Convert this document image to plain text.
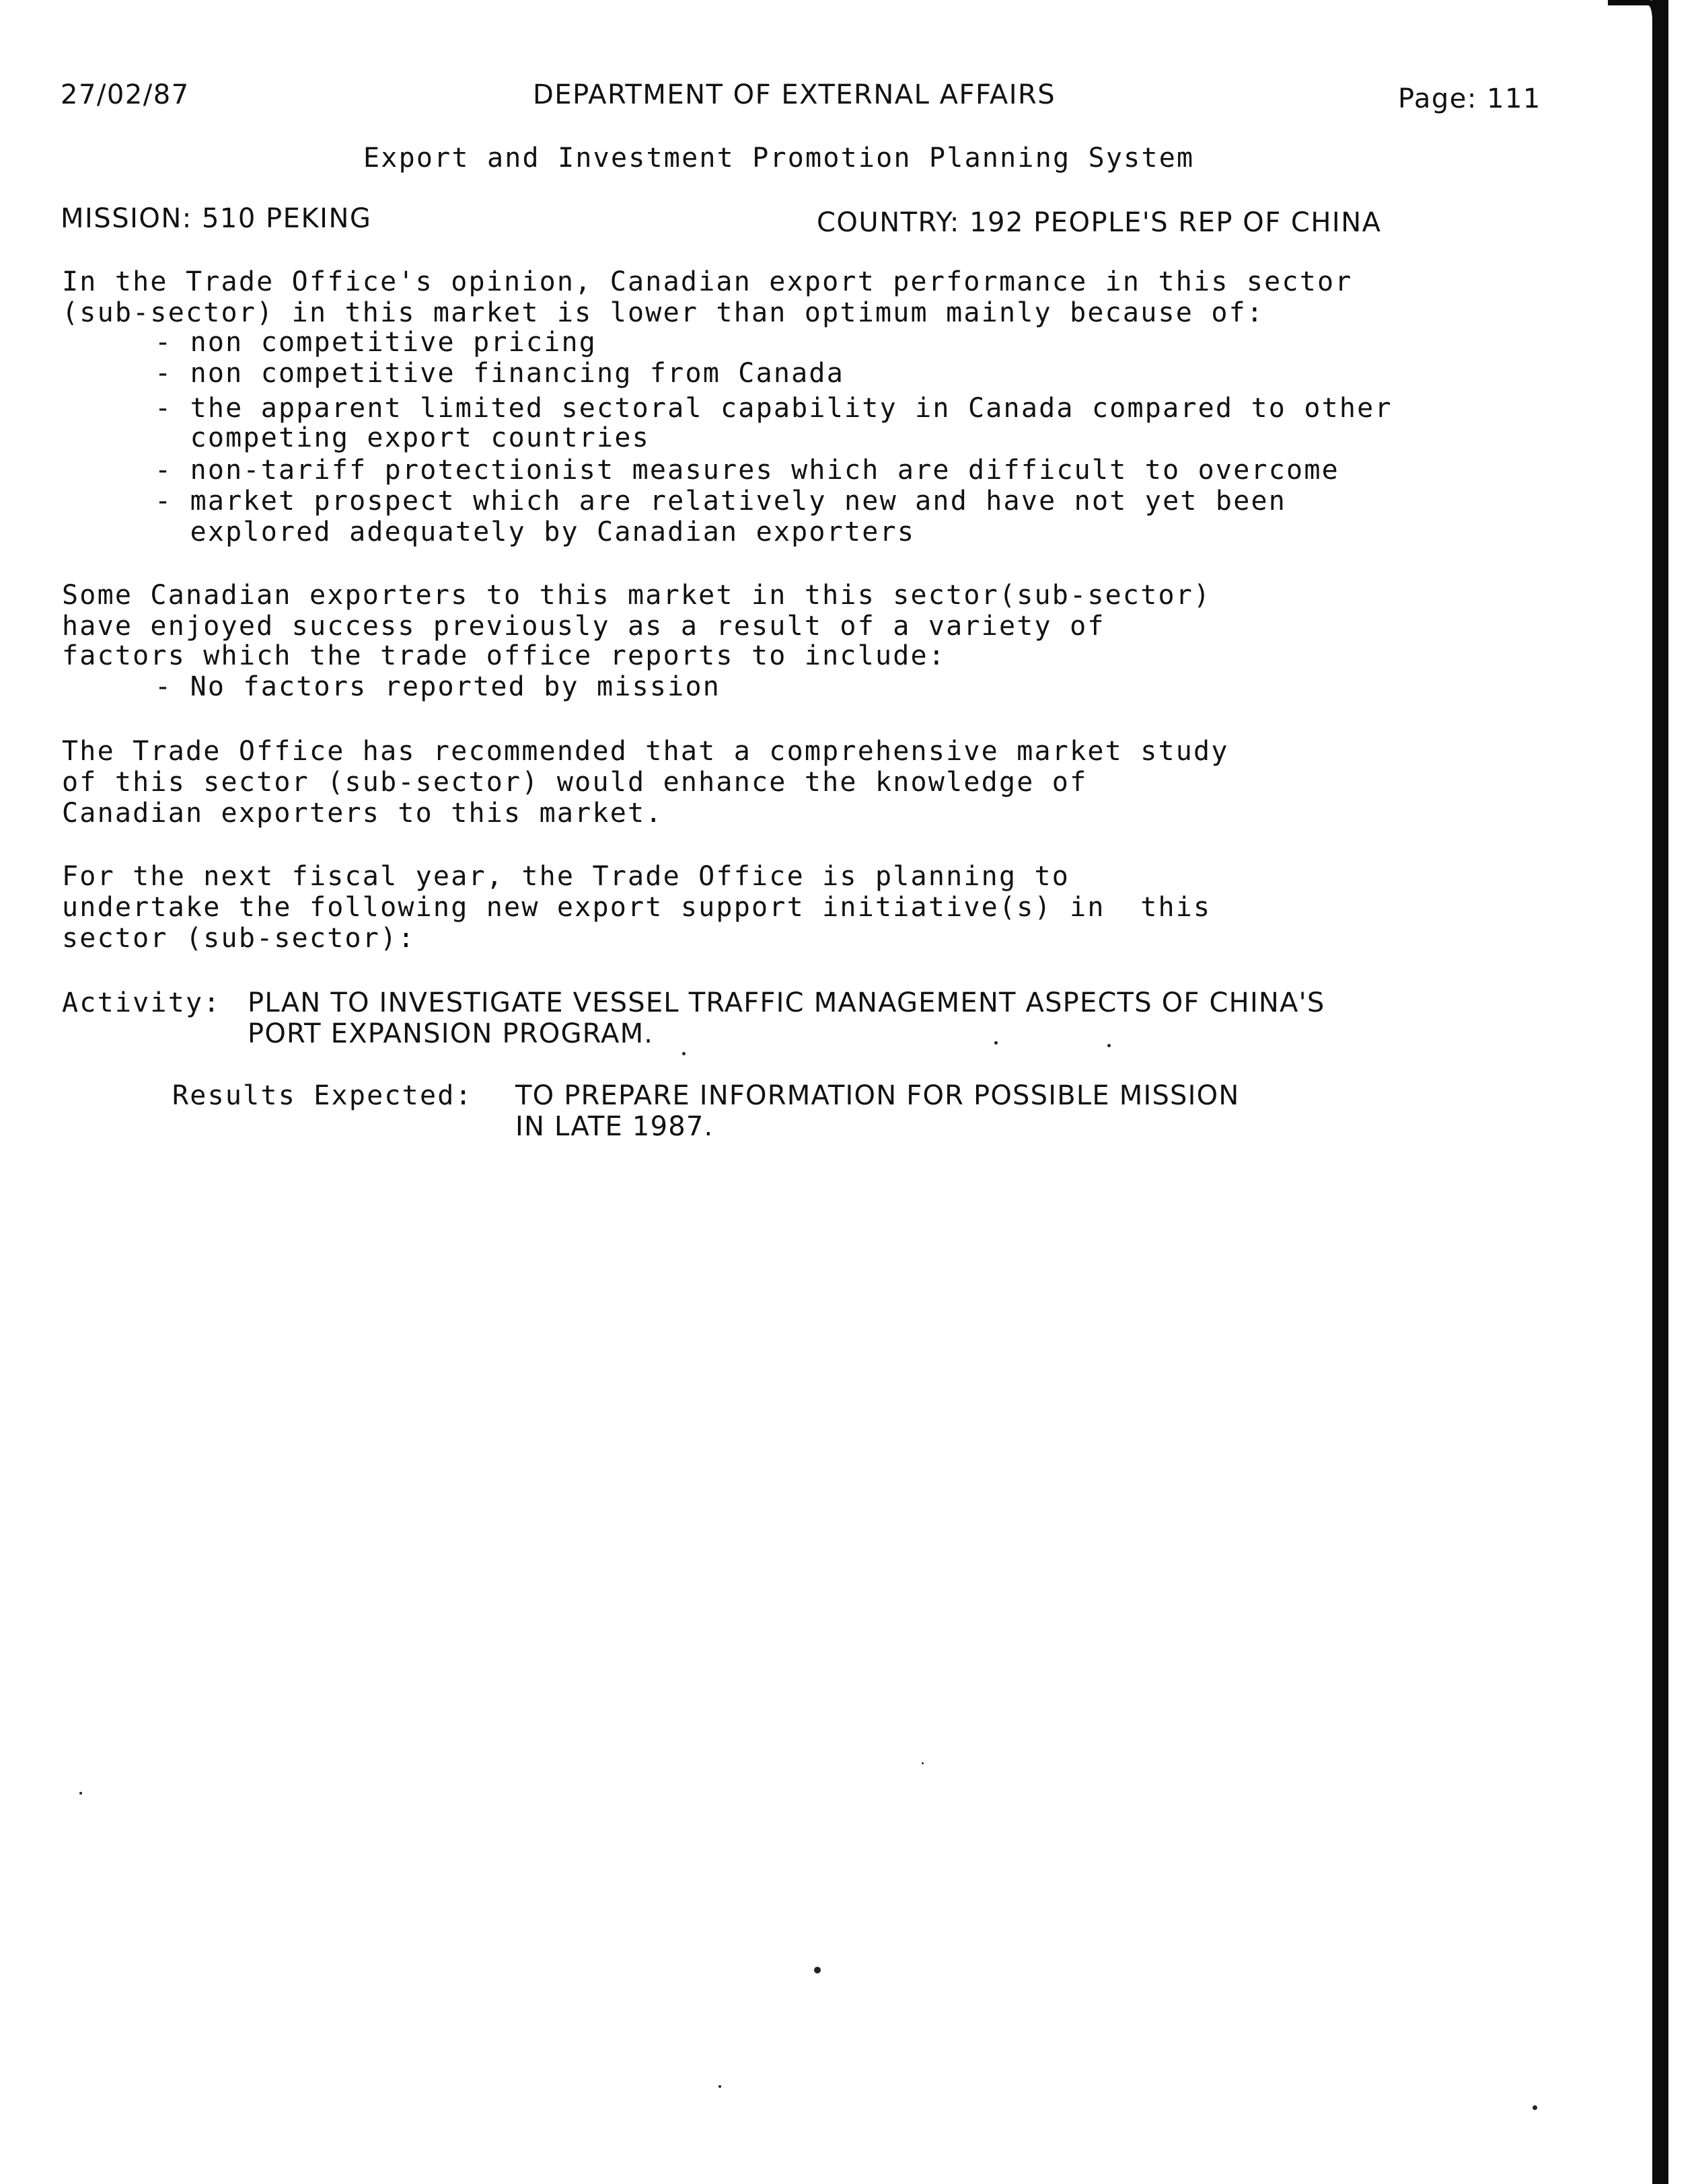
27/02/87	DEPARTMENT OF EXTERNAL AFFAIRS	Page: 111
Export and Investment Promotion Planning System
MISSION: 510 PEKING	COUNTRY: 192 PEOPLE'S REP OF CHINA
In the Trade Office's opinion, Canadian export performance in this sector
(sub-sector) in this market is lower than optimum mainly because of:
- non competitive pricing
- non competitive financing from Canada
- the apparent limited sectoral capability in Canada compared to other
competing export countries
- non-tariff protectionist measures which are difficult to overcome
- market prospect which are relatively new and have not yet been
explored adequately by Canadian exporters
Some Canadian exporters to this market in this sector(sub-sector)
have enjoyed success previously as a result of a variety of
factors which the trade office reports to include:
- No factors reported by mission
The Trade Office has recommended that a comprehensive market study
of this sector (sub-sector) would enhance the knowledge of
Canadian exporters to this market.
For the next fiscal year, the Trade Office is planning to
undertake the following new export support initiative(s) in  this
sector (sub-sector):
Activity: PLAN TO INVESTIGATE VESSEL TRAFFIC MANAGEMENT ASPECTS OF CHINA'S
PORT EXPANSION PROGRAM.
Results Expected: TO PREPARE INFORMATION FOR POSSIBLE MISSION
IN LATE 1987.
